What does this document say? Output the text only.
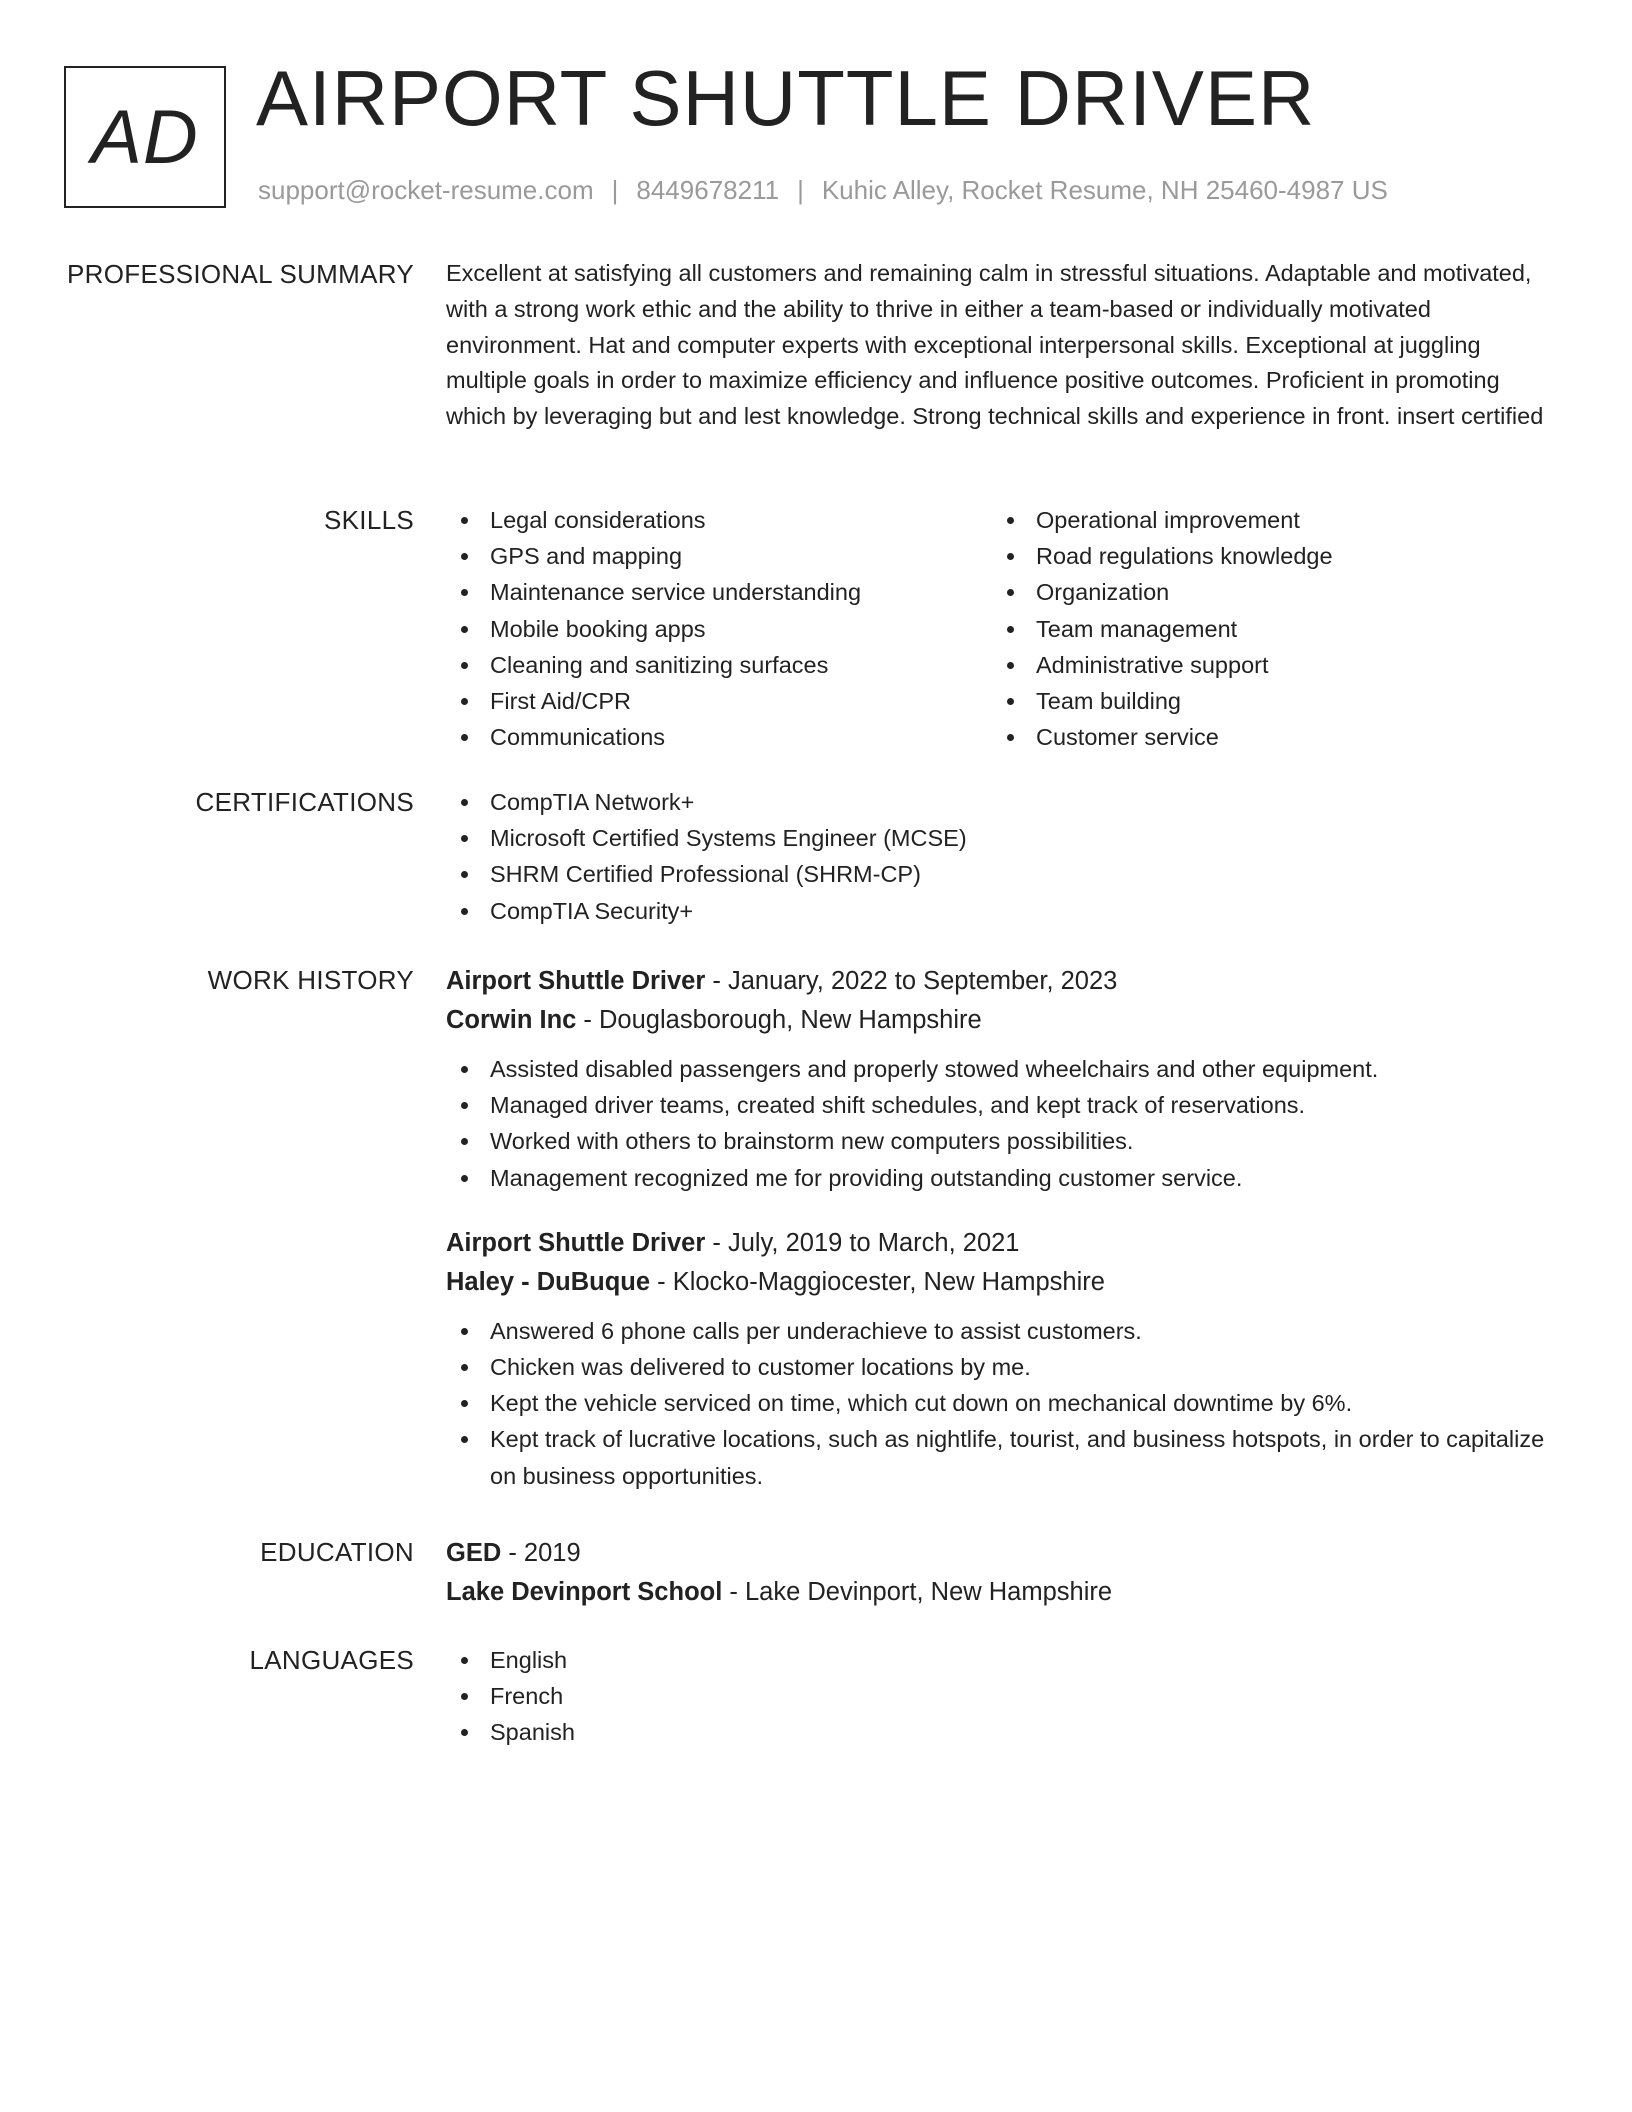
AD AIRPORT SHUTTLE DRIVER
support@rocket-resume.com | 8449678211 | Kuhic Alley, Rocket Resume, NH 25460-4987 US
PROFESSIONAL SUMMARY Excellent at satisfying all customers and remaining calm in stressful situations. Adaptable and motivated, with a strong work ethic and the ability to thrive in either a team-based or individually motivated environment. Hat and computer experts with exceptional interpersonal skills. Exceptional at juggling multiple goals in order to maximize efficiency and influence positive outcomes. Proficient in promoting which by leveraging but and lest knowledge. Strong technical skills and experience in front. insert certified

SKILLS	Legal considerations
GPS and mapping
Maintenance service understanding
Mobile booking apps
Cleaning and sanitizing surfaces
First Aid/CPR
Communications
Operational improvement
Road regulations knowledge
Organization
Team management
Administrative support
Team building
Customer service
CERTIFICATIONS	CompTIA Network+
Microsoft Certified Systems Engineer (MCSE)
SHRM Certified Professional (SHRM-CP)
CompTIA Security+
WORK HISTORY Airport Shuttle Driver - January, 2022 to September, 2023
Corwin Inc - Douglasborough, New Hampshire
Assisted disabled passengers and properly stowed wheelchairs and other equipment.
Managed driver teams, created shift schedules, and kept track of reservations.
Worked with others to brainstorm new computers possibilities.
Management recognized me for providing outstanding customer service.
Airport Shuttle Driver - July, 2019 to March, 2021
Haley - DuBuque - Klocko-Maggiocester, New Hampshire
Answered 6 phone calls per underachieve to assist customers.
Chicken was delivered to customer locations by me.
Kept the vehicle serviced on time, which cut down on mechanical downtime by 6%.
Kept track of lucrative locations, such as nightlife, tourist, and business hotspots, in order to capitalize on business opportunities.
EDUCATION GED - 2019
Lake Devinport School - Lake Devinport, New Hampshire
LANGUAGES	English
French
Spanish
